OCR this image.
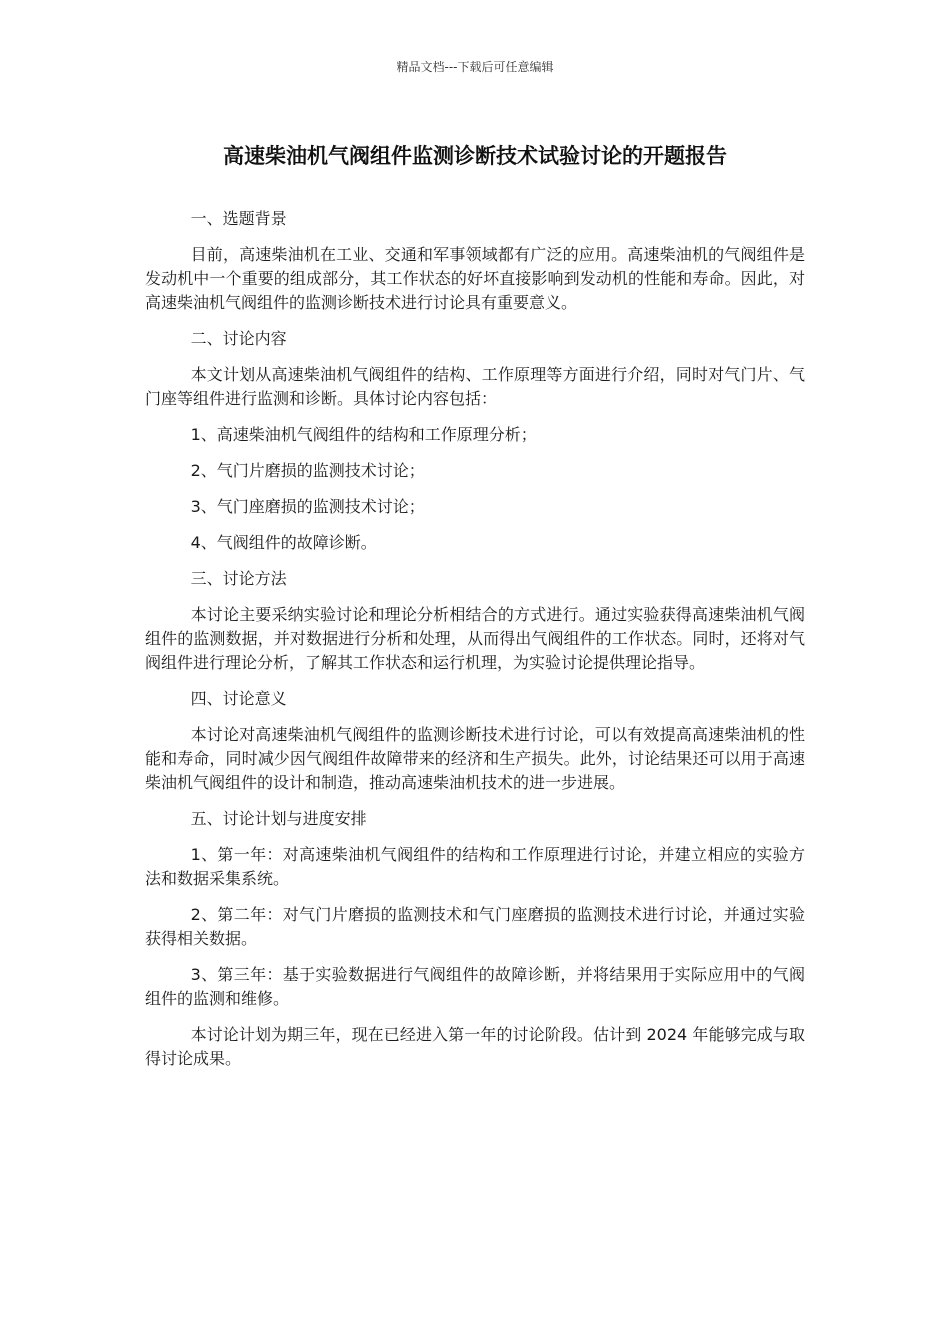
精品文档---下载后可任意编辑
高速柴油机气阀组件监测诊断技术试验讨论的开题报告

一、选题背景

目前，高速柴油机在工业、交通和军事领域都有广泛的应用。高速柴油机的气阀组件是发动机中一个重要的组成部分，其工作状态的好坏直接影响到发动机的性能和寿命。因此，对高速柴油机气阀组件的监测诊断技术进行讨论具有重要意义。

二、讨论内容

本文计划从高速柴油机气阀组件的结构、工作原理等方面进行介绍，同时对气门片、气门座等组件进行监测和诊断。具体讨论内容包括：

1、高速柴油机气阀组件的结构和工作原理分析；

2、气门片磨损的监测技术讨论；

3、气门座磨损的监测技术讨论；

4、气阀组件的故障诊断。

三、讨论方法

本讨论主要采纳实验讨论和理论分析相结合的方式进行。通过实验获得高速柴油机气阀组件的监测数据，并对数据进行分析和处理，从而得出气阀组件的工作状态。同时，还将对气阀组件进行理论分析，了解其工作状态和运行机理，为实验讨论提供理论指导。

四、讨论意义

本讨论对高速柴油机气阀组件的监测诊断技术进行讨论，可以有效提高高速柴油机的性能和寿命，同时减少因气阀组件故障带来的经济和生产损失。此外，讨论结果还可以用于高速柴油机气阀组件的设计和制造，推动高速柴油机技术的进一步进展。

五、讨论计划与进度安排

1、第一年：对高速柴油机气阀组件的结构和工作原理进行讨论，并建立相应的实验方法和数据采集系统。

2、第二年：对气门片磨损的监测技术和气门座磨损的监测技术进行讨论，并通过实验获得相关数据。

3、第三年：基于实验数据进行气阀组件的故障诊断，并将结果用于实际应用中的气阀组件的监测和维修。

本讨论计划为期三年，现在已经进入第一年的讨论阶段。估计到 2024 年能够完成与取得讨论成果。
